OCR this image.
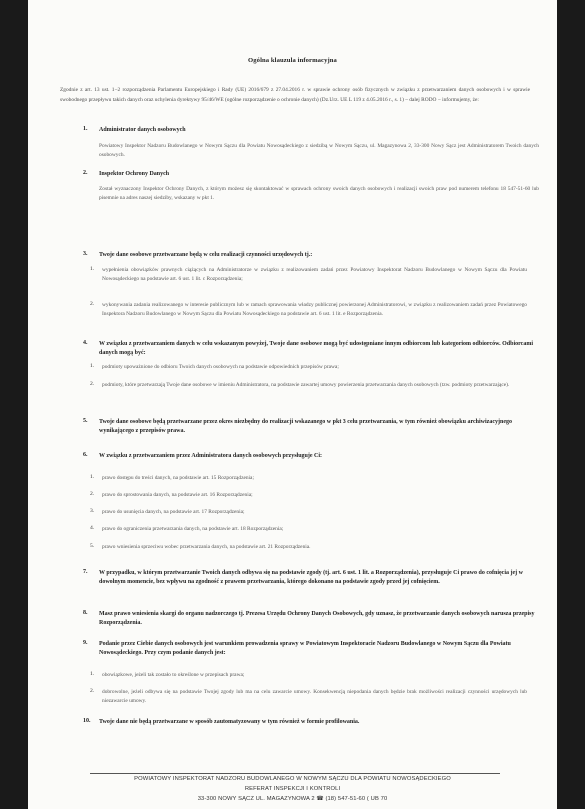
Ogólna klauzula informacyjna
Zgodnie z art. 13 ust. 1−2 rozporządzenia Parlamentu Europejskiego i Rady (UE) 2016/679 z 27.04.2016 r. w sprawie ochrony osób fizycznych w związku z przetwarzaniem danych osobowych i w sprawie swobodnego przepływu takich danych oraz uchylenia dyrektywy 95/46/WE (ogólne rozporządzenie o ochronie danych) (Dz.Urz. UE L 119 z 4.05.2016 r., s. 1) – dalej RODO − informujemy, że:
1. Administrator danych osobowych
Powiatowy Inspektor Nadzoru Budowlanego w Nowym Sączu dla Powiatu Nowosądeckiego z siedzibą w Nowym Sączu, ul. Magazynowa 2, 33-300 Nowy Sącz jest Administratorem Twoich danych osobowych.
2. Inspektor Ochrony Danych
Został wyznaczony Inspektor Ochrony Danych, z którym możesz się skontaktować w sprawach ochrony swoich danych osobowych i realizacji swoich praw pod numerem telefonu 18 547-51-60 lub pisemnie na adres naszej siedziby, wskazany w pkt 1.
3. Twoje dane osobowe przetwarzane będą w celu realizacji czynności urzędowych tj.:
1. wypełnienia obowiązków prawnych ciążących na Administratorze w związku z realizowaniem zadań przez Powiatowy Inspektorat Nadzoru Budowlanego w Nowym Sączu dla Powiatu Nowosądeckiego na podstawie art. 6 ust. 1 lit. c Rozporządzenia;
2. wykonywania zadania realizowanego w interesie publicznym lub w ramach sprawowania władzy publicznej powierzonej Administratorowi, w związku z realizowaniem zadań przez Powiatowego Inspektora Nadzoru Budowlanego w Nowym Sączu dla Powiatu Nowosądeckiego na podstawie art. 6 ust. 1 lit. e Rozporządzenia.
4. W związku z przetwarzaniem danych w celu wskazanym powyżej, Twoje dane osobowe mogą być udostępniane innym odbiorcom lub kategoriom odbiorców. Odbiorcami danych mogą być:
1. podmioty upoważnione do odbioru Twoich danych osobowych na podstawie odpowiednich przepisów prawa;
2. podmioty, które przetwarzają Twoje dane osobowe w imieniu Administratora, na podstawie zawartej umowy powierzenia przetwarzania danych osobowych (tzw. podmioty przetwarzające).
5. Twoje dane osobowe będą przetwarzane przez okres niezbędny do realizacji wskazanego w pkt 3 celu przetwarzania, w tym również obowiązku archiwizacyjnego wynikającego z przepisów prawa.
6. W związku z przetwarzaniem przez Administratora danych osobowych przysługuje Ci:
1. prawo dostępu do treści danych, na podstawie art. 15 Rozporządzenia;
2. prawo do sprostowania danych, na podstawie art. 16 Rozporządzenia;
3. prawo do usunięcia danych, na podstawie art. 17 Rozporządzenia;
4. prawo do ograniczenia przetwarzania danych, na podstawie art. 18 Rozporządzenia;
5. prawo wniesienia sprzeciwu wobec przetwarzania danych, na podstawie art. 21 Rozporządzenia.
7. W przypadku, w którym przetwarzanie Twoich danych odbywa się na podstawie zgody (tj. art. 6 ust. 1 lit. a Rozporządzenia), przysługuje Ci prawo do cofnięcia jej w dowolnym momencie, bez wpływu na zgodność z prawem przetwarzania, którego dokonano na podstawie zgody przed jej cofnięciem.
8. Masz prawo wniesienia skargi do organu nadzorczego tj. Prezesa Urzędu Ochrony Danych Osobowych, gdy uznasz, że przetwarzanie danych osobowych narusza przepisy Rozporządzenia.
9. Podanie przez Ciebie danych osobowych jest warunkiem prowadzenia sprawy w Powiatowym Inspektoracie Nadzoru Budowlanego w Nowym Sączu dla Powiatu Nowosądeckiego. Przy czym podanie danych jest:
1. obowiązkowe, jeżeli tak zostało to określone w przepisach prawa;
2. dobrowolne, jeżeli odbywa się na podstawie Twojej zgody lub ma na celu zawarcie umowy. Konsekwencją niepodania danych będzie brak możliwości realizacji czynności urzędowych lub niezawarcie umowy.
10. Twoje dane nie będą przetwarzane w sposób zautomatyzowany w tym również w formie profilowania.
POWIATOWY INSPEKTORAT NADZORU BUDOWLANEGO W NOWYM SĄCZU DLA POWIATU NOWOSĄDECKIEGO
REFERAT INSPEKCJI I KONTROLI
33-300 NOWY SĄCZ UL. MAGAZYNOWA 2 ☎ (18) 547-51-60 ( UB 70
